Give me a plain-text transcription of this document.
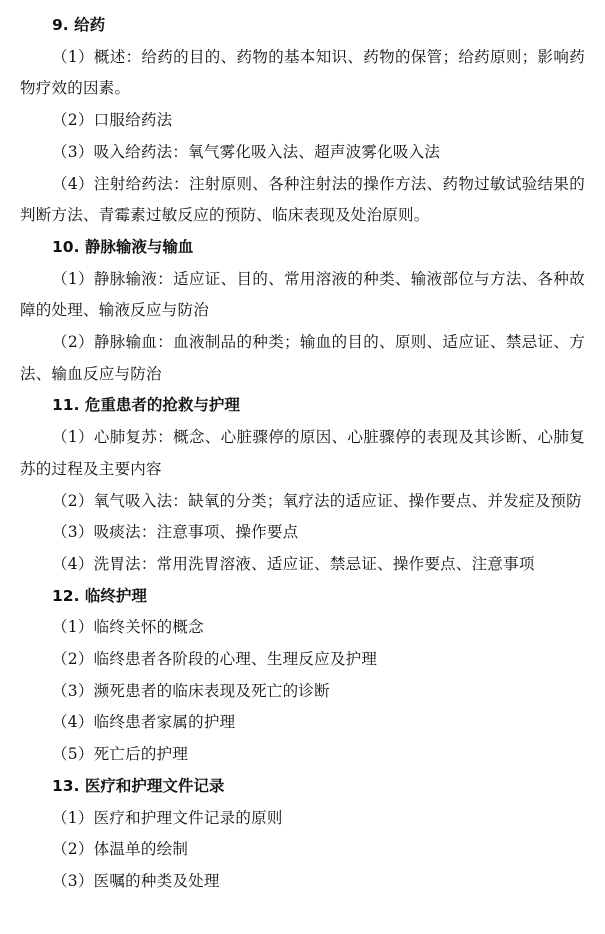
9. 给药

（1）概述：给药的目的、药物的基本知识、药物的保管；给药原则；影响药物疗效的因素。

（2）口服给药法

（3）吸入给药法：氧气雾化吸入法、超声波雾化吸入法

（4）注射给药法：注射原则、各种注射法的操作方法、药物过敏试验结果的判断方法、青霉素过敏反应的预防、临床表现及处治原则。

10. 静脉输液与输血

（1）静脉输液：适应证、目的、常用溶液的种类、输液部位与方法、各种故障的处理、输液反应与防治

（2）静脉输血：血液制品的种类；输血的目的、原则、适应证、禁忌证、方法、输血反应与防治

11. 危重患者的抢救与护理

（1）心肺复苏：概念、心脏骤停的原因、心脏骤停的表现及其诊断、心肺复苏的过程及主要内容

（2）氧气吸入法：缺氧的分类；氧疗法的适应证、操作要点、并发症及预防

（3）吸痰法：注意事项、操作要点

（4）洗胃法：常用洗胃溶液、适应证、禁忌证、操作要点、注意事项

12. 临终护理

（1）临终关怀的概念

（2）临终患者各阶段的心理、生理反应及护理

（3）濒死患者的临床表现及死亡的诊断

（4）临终患者家属的护理

（5）死亡后的护理

13. 医疗和护理文件记录

（1）医疗和护理文件记录的原则

（2）体温单的绘制

（3）医嘱的种类及处理
